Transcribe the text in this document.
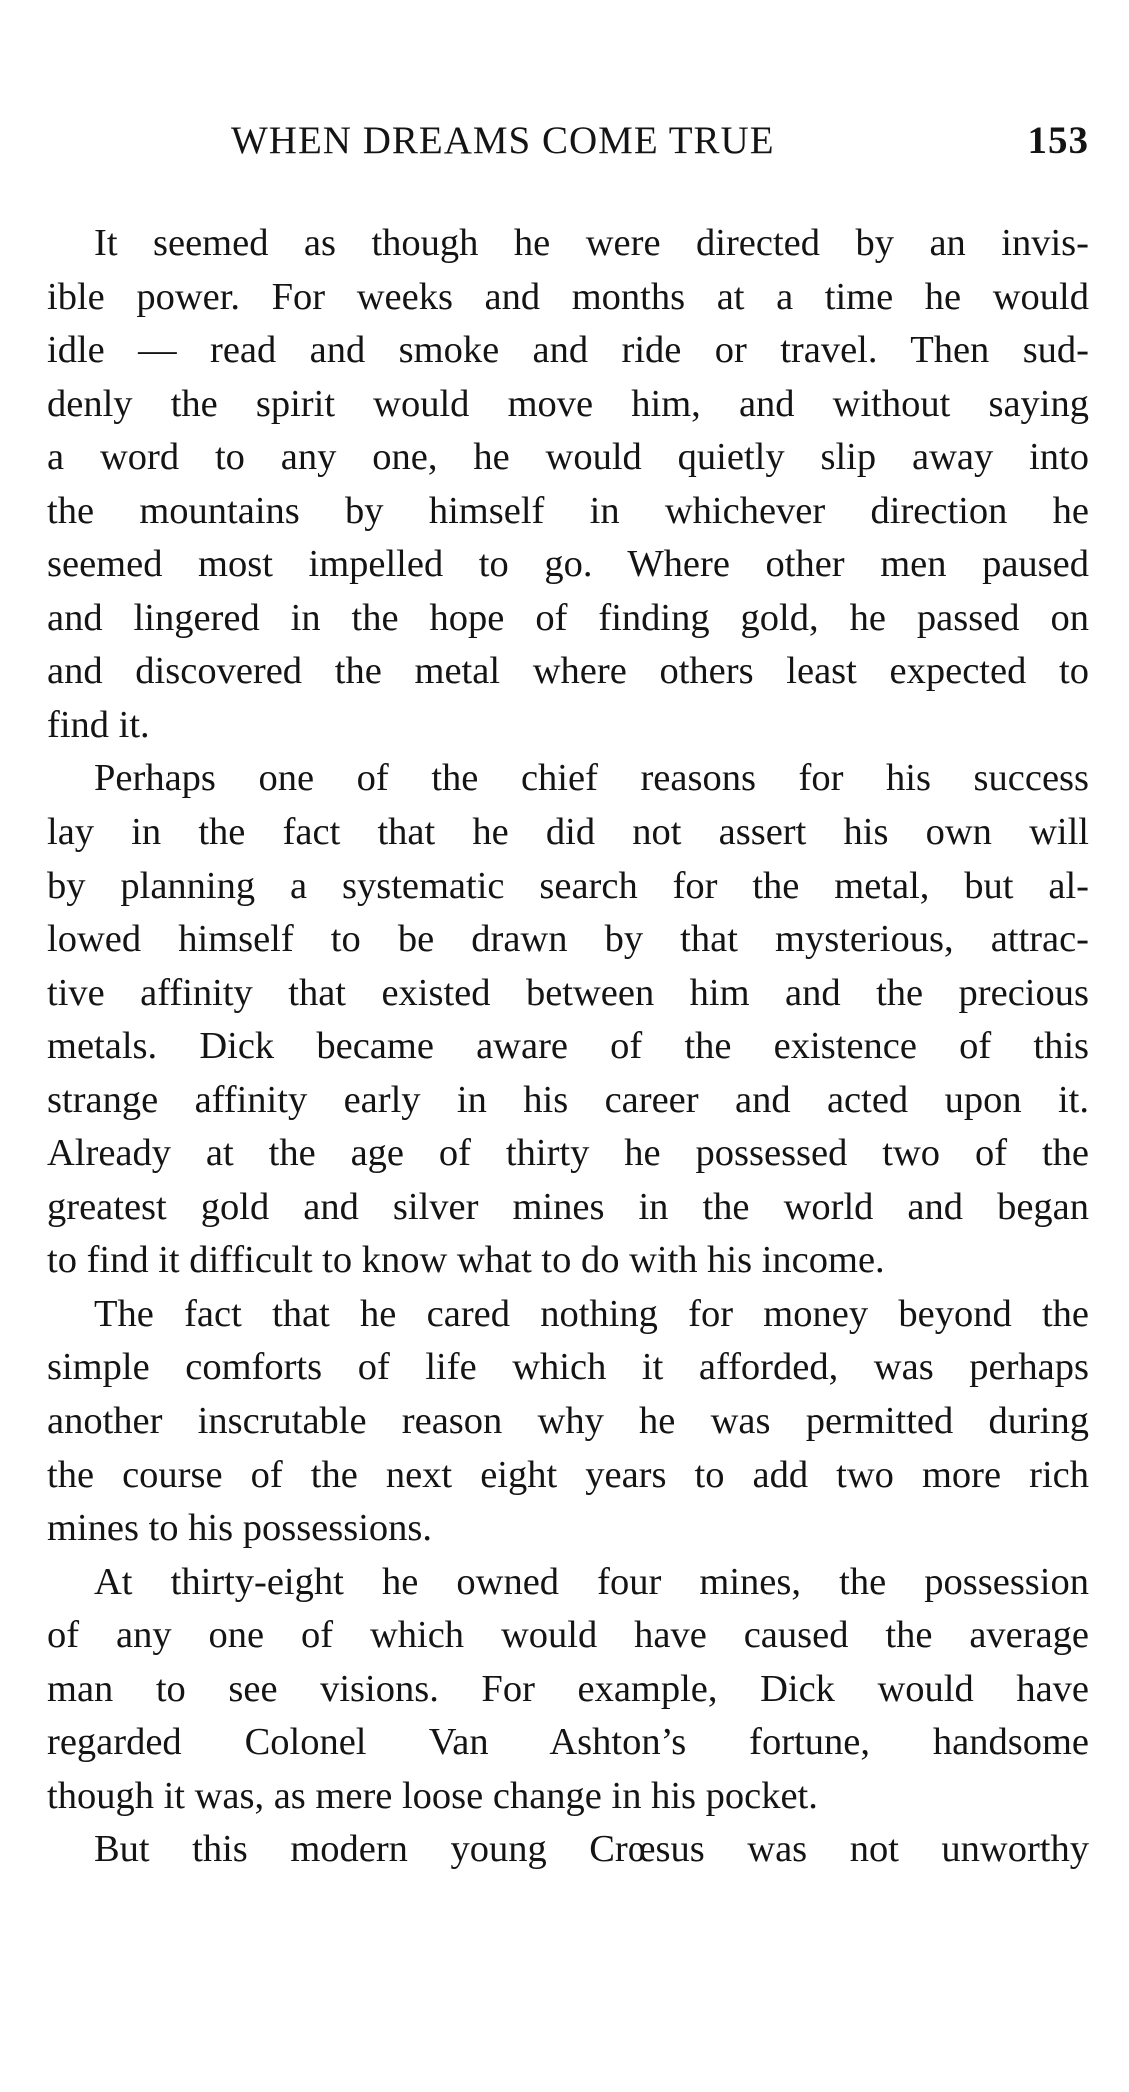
WHEN DREAMS COME TRUE	153
It seemed as though he were directed by an invis-
ible power. For weeks and months at a time he would
idle — read and smoke and ride or travel. Then sud-
denly the spirit would move him, and without saying
a word to any one, he would quietly slip away into
the mountains by himself in whichever direction he
seemed most impelled to go. Where other men paused
and lingered in the hope of finding gold, he passed on
and discovered the metal where others least expected to
find it.
Perhaps one of the chief reasons for his success
lay in the fact that he did not assert his own will
by planning a systematic search for the metal, but al-
lowed himself to be drawn by that mysterious, attrac-
tive affinity that existed between him and the precious
metals. Dick became aware of the existence of this
strange affinity early in his career and acted upon it.
Already at the age of thirty he possessed two of the
greatest gold and silver mines in the world and began
to find it difficult to know what to do with his income.
The fact that he cared nothing for money beyond the
simple comforts of life which it afforded, was perhaps
another inscrutable reason why he was permitted during
the course of the next eight years to add two more rich
mines to his possessions.
At thirty-eight he owned four mines, the possession
of any one of which would have caused the average
man to see visions. For example, Dick would have
regarded Colonel Van Ashton’s fortune, handsome
though it was, as mere loose change in his pocket.
But this modern young Crœsus was not unworthy
